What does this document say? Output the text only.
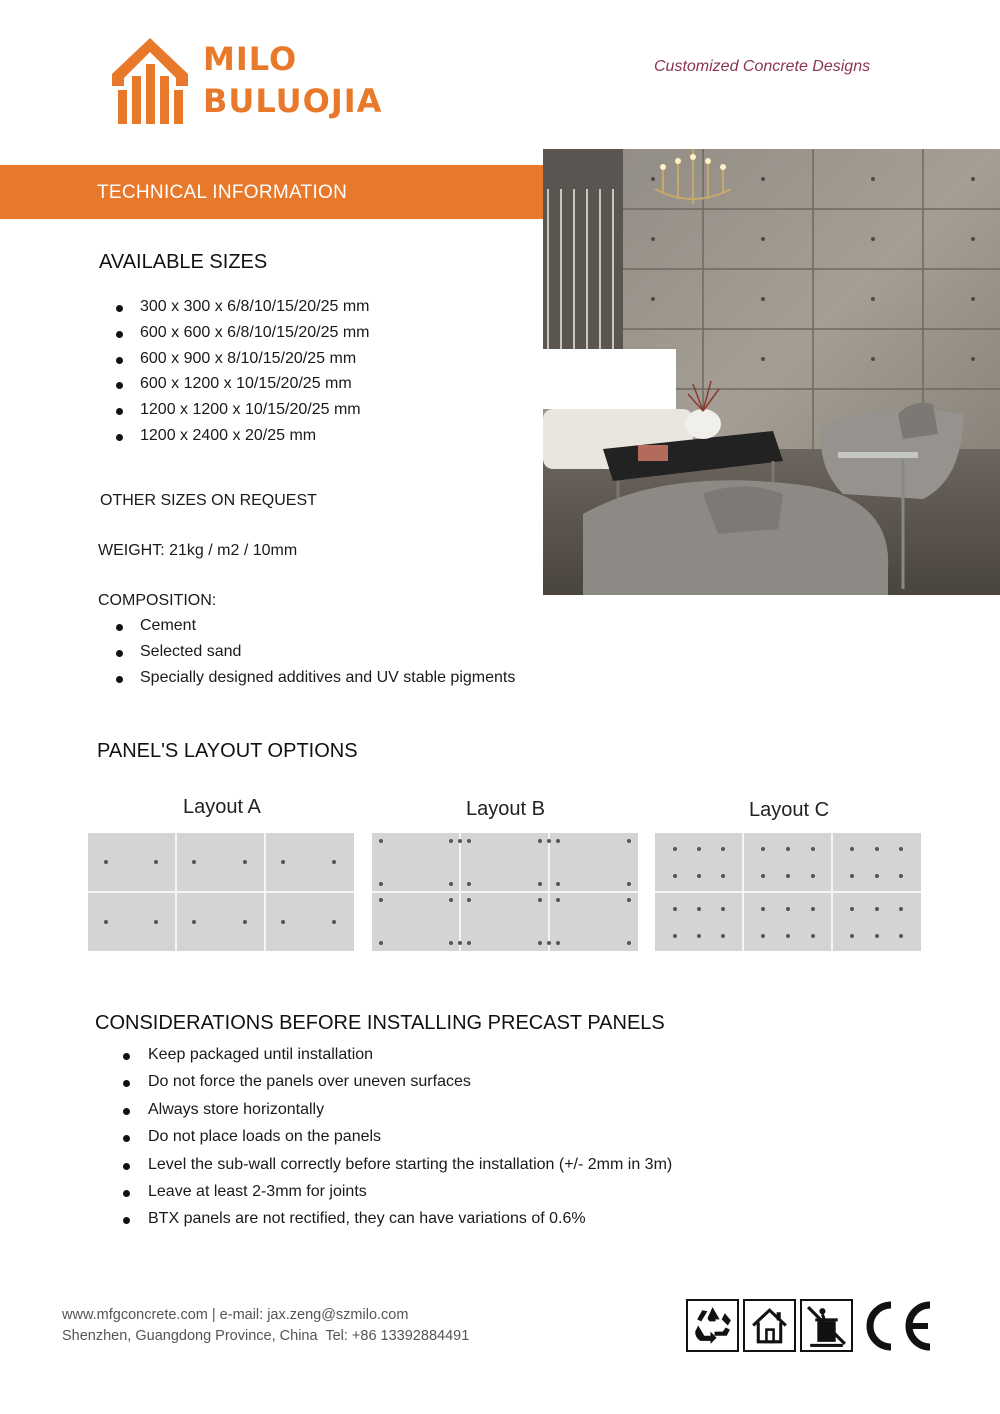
MILO
BULUOJIA
Customized Concrete Designs
TECHNICAL INFORMATION
AVAILABLE SIZES
300 x 300 x 6/8/10/15/20/25 mm
600 x 600 x 6/8/10/15/20/25 mm
600 x 900 x 8/10/15/20/25 mm
600 x 1200 x 10/15/20/25 mm
1200 x 1200 x 10/15/20/25 mm
1200 x 2400 x 20/25 mm
OTHER SIZES ON REQUEST
WEIGHT: 21kg / m2 / 10mm
COMPOSITION:
Cement
Selected sand
Specially designed additives and UV stable pigments
PANEL'S LAYOUT OPTIONS
Layout A	Layout B	Layout C
CONSIDERATIONS BEFORE INSTALLING PRECAST PANELS
Keep packaged until installation
Do not force the panels over uneven surfaces
Always store horizontally
Do not place loads on the panels
Level the sub-wall correctly before starting the installation (+/- 2mm in 3m)
Leave at least 2-3mm for joints
BTX panels are not rectified, they can have variations of 0.6%
www.mfgconcrete.com | e-mail: jax.zeng@szmilo.com
Shenzhen, Guangdong Province, China  Tel: +86 13392884491
